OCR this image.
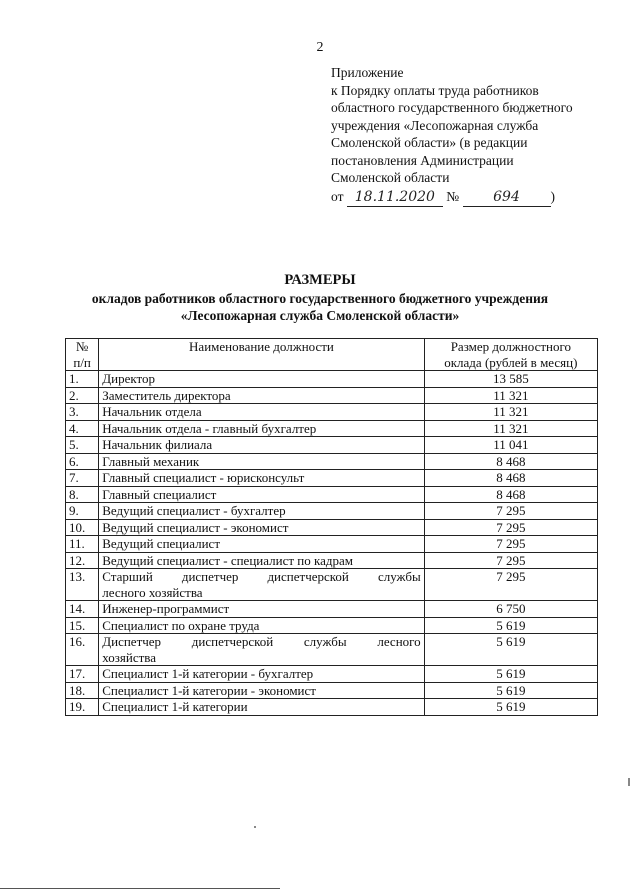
2
Приложение
к Порядку оплаты труда работников
областного государственного бюджетного
учреждения «Лесопожарная служба
Смоленской области» (в редакции
постановления Администрации
Смоленской области
от 18.11.2020 № 694 )
РАЗМЕРЫ
окладов работников областного государственного бюджетного учреждения
«Лесопожарная служба Смоленской области»
№
п/п	Наименование должности	Размер должностного
оклада (рублей в месяц)
1.	Директор	13 585
2.	Заместитель директора	11 321
3.	Начальник отдела	11 321
4.	Начальник отдела - главный бухгалтер	11 321
5.	Начальник филиала	11 041
6.	Главный механик	8 468
7.	Главный специалист - юрисконсульт	8 468
8.	Главный специалист	8 468
9.	Ведущий специалист - бухгалтер	7 295
10.	Ведущий специалист - экономист	7 295
11.	Ведущий специалист	7 295
12.	Ведущий специалист - специалист по кадрам	7 295
13.	Старший диспетчер диспетчерской службы
лесного хозяйства	7 295
14.	Инженер-программист	6 750
15.	Специалист по охране труда	5 619
16.	Диспетчер диспетчерской службы лесного
хозяйства	5 619
17.	Специалист 1-й категории - бухгалтер	5 619
18.	Специалист 1-й категории - экономист	5 619
19.	Специалист 1-й категории	5 619
